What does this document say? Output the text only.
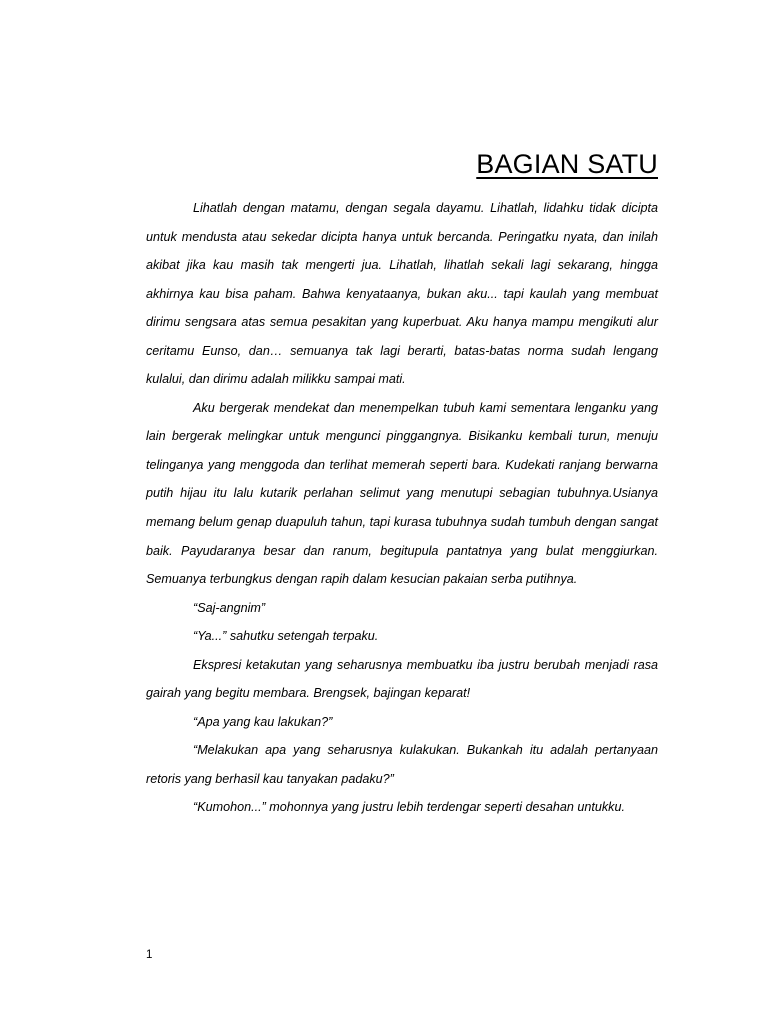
BAGIAN SATU

Lihatlah dengan matamu, dengan segala dayamu. Lihatlah, lidahku tidak dicipta untuk mendusta atau sekedar dicipta hanya untuk bercanda. Peringatku nyata, dan inilah akibat jika kau masih tak mengerti jua. Lihatlah, lihatlah sekali lagi sekarang, hingga akhirnya kau bisa paham. Bahwa kenyataanya, bukan aku... tapi kaulah yang membuat dirimu sengsara atas semua pesakitan yang kuperbuat. Aku hanya mampu mengikuti alur ceritamu Eunso, dan… semuanya tak lagi berarti, batas-batas norma sudah lengang kulalui, dan dirimu adalah milikku sampai mati.

Aku bergerak mendekat dan menempelkan tubuh kami sementara lenganku yang lain bergerak melingkar untuk mengunci pinggangnya. Bisikanku kembali turun, menuju telinganya yang menggoda dan terlihat memerah seperti bara. Kudekati ranjang berwarna putih hijau itu lalu kutarik perlahan selimut yang menutupi sebagian tubuhnya.Usianya memang belum genap duapuluh tahun, tapi kurasa tubuhnya sudah tumbuh dengan sangat baik. Payudaranya besar dan ranum, begitupula pantatnya yang bulat menggiurkan. Semuanya terbungkus dengan rapih dalam kesucian pakaian serba putihnya.

“Saj-angnim”

“Ya...” sahutku setengah terpaku.

Ekspresi ketakutan yang seharusnya membuatku iba justru berubah menjadi rasa gairah yang begitu membara. Brengsek, bajingan keparat!

“Apa yang kau lakukan?”

“Melakukan apa yang seharusnya kulakukan. Bukankah itu adalah pertanyaan retoris yang berhasil kau tanyakan padaku?”

“Kumohon...” mohonnya yang justru lebih terdengar seperti desahan untukku.

1
